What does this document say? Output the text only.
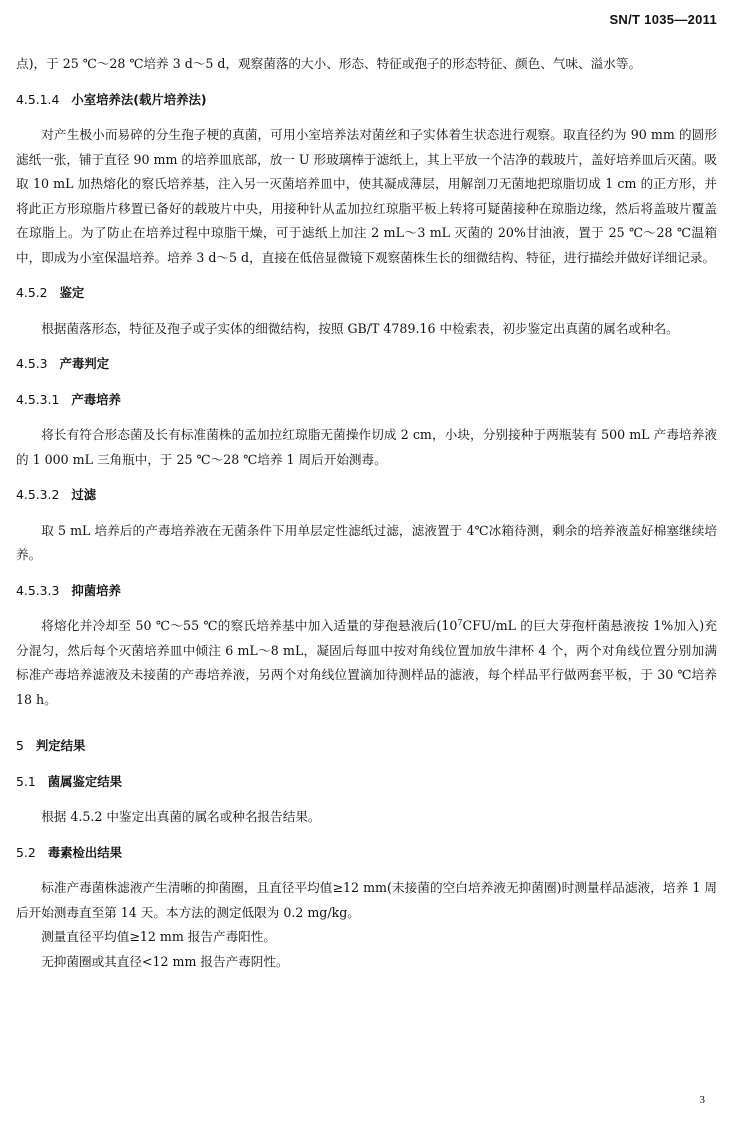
SN/T 1035—2011

点)，于 25 ℃～28 ℃培养 3 d～5 d，观察菌落的大小、形态、特征或孢子的形态特征、颜色、气味、溢水等。

4.5.1.4 小室培养法(载片培养法)

对产生极小而易碎的分生孢子梗的真菌，可用小室培养法对菌丝和子实体着生状态进行观察。取直径约为 90 mm 的圆形滤纸一张，铺于直径 90 mm 的培养皿底部，放一 U 形玻璃棒于滤纸上，其上平放一个洁净的载玻片，盖好培养皿后灭菌。吸取 10 mL 加热熔化的察氏培养基，注入另一灭菌培养皿中，使其凝成薄层，用解剖刀无菌地把琼脂切成 1 cm 的正方形，并将此正方形琼脂片移置已备好的载玻片中央，用接种针从孟加拉红琼脂平板上转将可疑菌接种在琼脂边缘，然后将盖玻片覆盖在琼脂上。为了防止在培养过程中琼脂干燥，可于滤纸上加注 2 mL～3 mL 灭菌的 20%甘油液，置于 25 ℃～28 ℃温箱中，即成为小室保温培养。培养 3 d～5 d，直接在低倍显微镜下观察菌株生长的细微结构、特征，进行描绘并做好详细记录。

4.5.2 鉴定

根据菌落形态，特征及孢子或子实体的细微结构，按照 GB/T 4789.16 中检索表，初步鉴定出真菌的属名或种名。

4.5.3 产毒判定
4.5.3.1 产毒培养

将长有符合形态菌及长有标准菌株的孟加拉红琼脂无菌操作切成 2 cm，小块，分别接种于两瓶装有 500 mL 产毒培养液的 1 000 mL 三角瓶中，于 25 ℃～28 ℃培养 1 周后开始测毒。

4.5.3.2 过滤

取 5 mL 培养后的产毒培养液在无菌条件下用单层定性滤纸过滤，滤液置于 4℃冰箱待测，剩余的培养液盖好棉塞继续培养。

4.5.3.3 抑菌培养

将熔化并冷却至 50 ℃～55 ℃的察氏培养基中加入适量的芽孢悬液后($10^7CFU/mL$ 的巨大芽孢杆菌悬液按 1%加入)充分混匀，然后每个灭菌培养皿中倾注 6 mL～8 mL，凝固后每皿中按对角线位置加放牛津杯 4 个，两个对角线位置分别加满标准产毒培养滤液及未接菌的产毒培养液，另两个对角线位置滴加待测样品的滤液，每个样品平行做两套平板，于 30 ℃培养 18 h。

5 判定结果
5.1 菌属鉴定结果

根据 4.5.2 中鉴定出真菌的属名或种名报告结果。

5.2 毒素检出结果

标准产毒菌株滤液产生清晰的抑菌圈，且直径平均值≥12 mm(未接菌的空白培养液无抑菌圈)时测量样品滤液，培养 1 周后开始测毒直至第 14 天。本方法的测定低限为 0.2 mg/kg。

测量直径平均值≥12 mm 报告产毒阳性。

无抑菌圈或其直径<12 mm 报告产毒阴性。

3
